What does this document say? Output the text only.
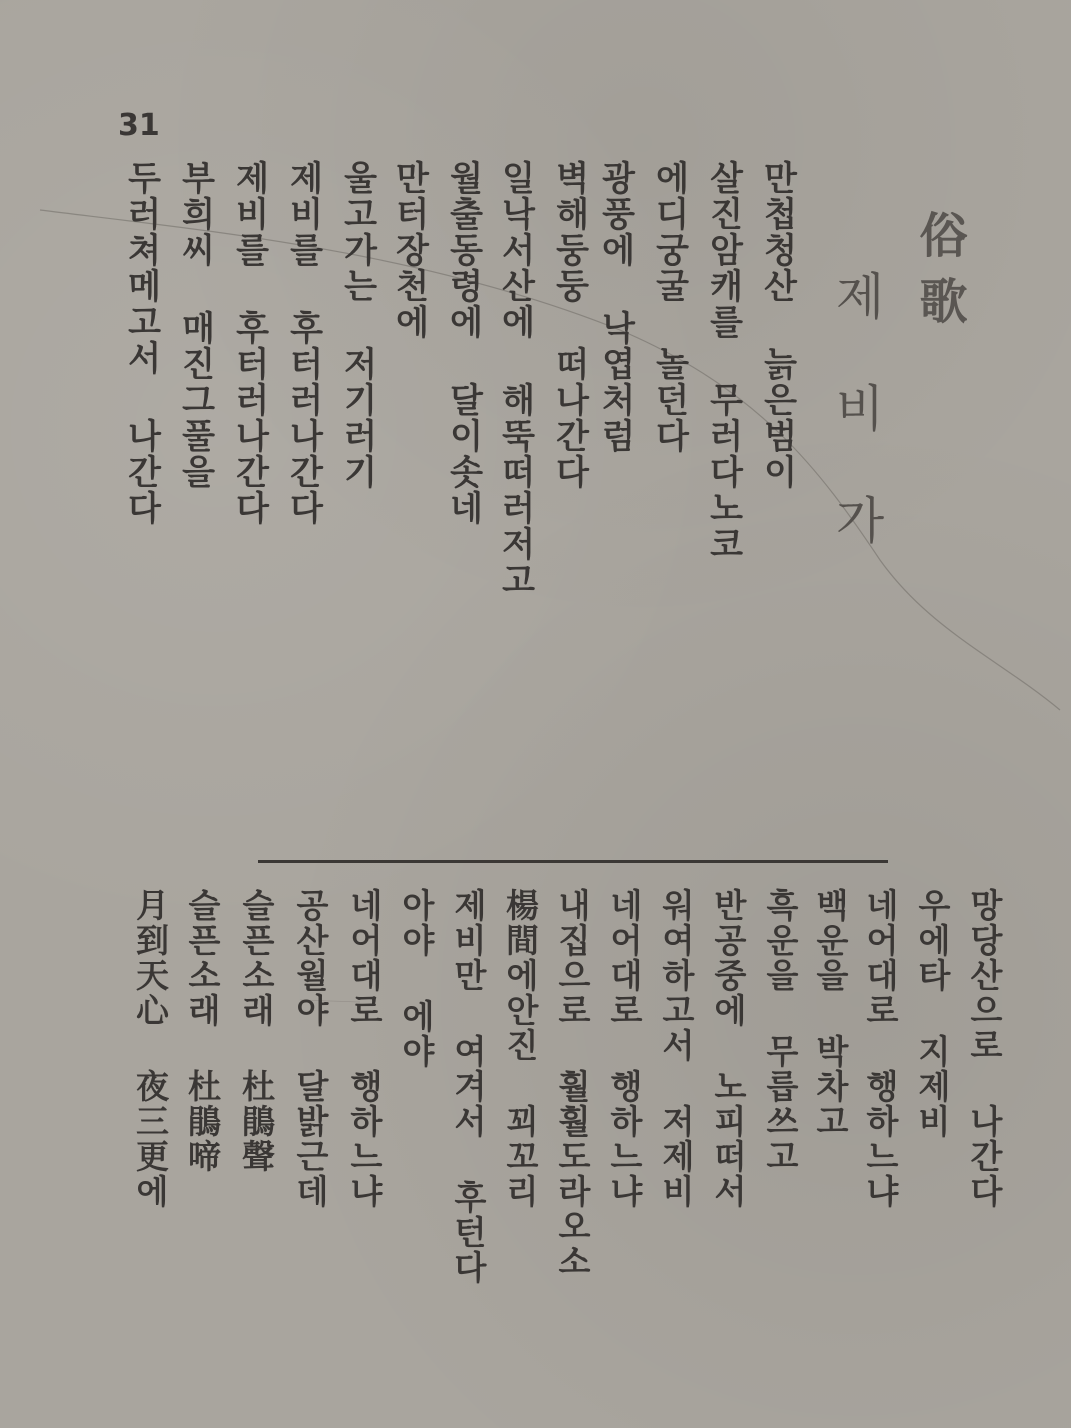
31
俗歌
제비가
만첩청산 늙은범이
살진암캐를 무러다노코
에디궁굴 놀던다
광풍에 낙엽처럼
벽해둥둥 떠나간다
일낙서산에 해뚝떠러저고
월출동령에 달이솟네
만터장천에
울고가는 저기러기
제비를 후터러나간다
제비를 후터러나간다
부희씨 매진그풀을
두러쳐메고서 나간다
망당산으로 나간다
우에타 지제비
네어대로 행하느냐
백운을 박차고
흑운을 무릅쓰고
반공중에 노피떠서
워여하고서 저제비
네어대로 행하느냐
내집으로 훨훨도라오소
楊間에안진 꾀꼬리
제비만 여겨서 후턴다
아야 에야
네어대로 행하느냐
공산월야 달밝근데
슬픈소래 杜鵑聲
슬픈소래 杜鵑啼
月到天心 夜三更에
